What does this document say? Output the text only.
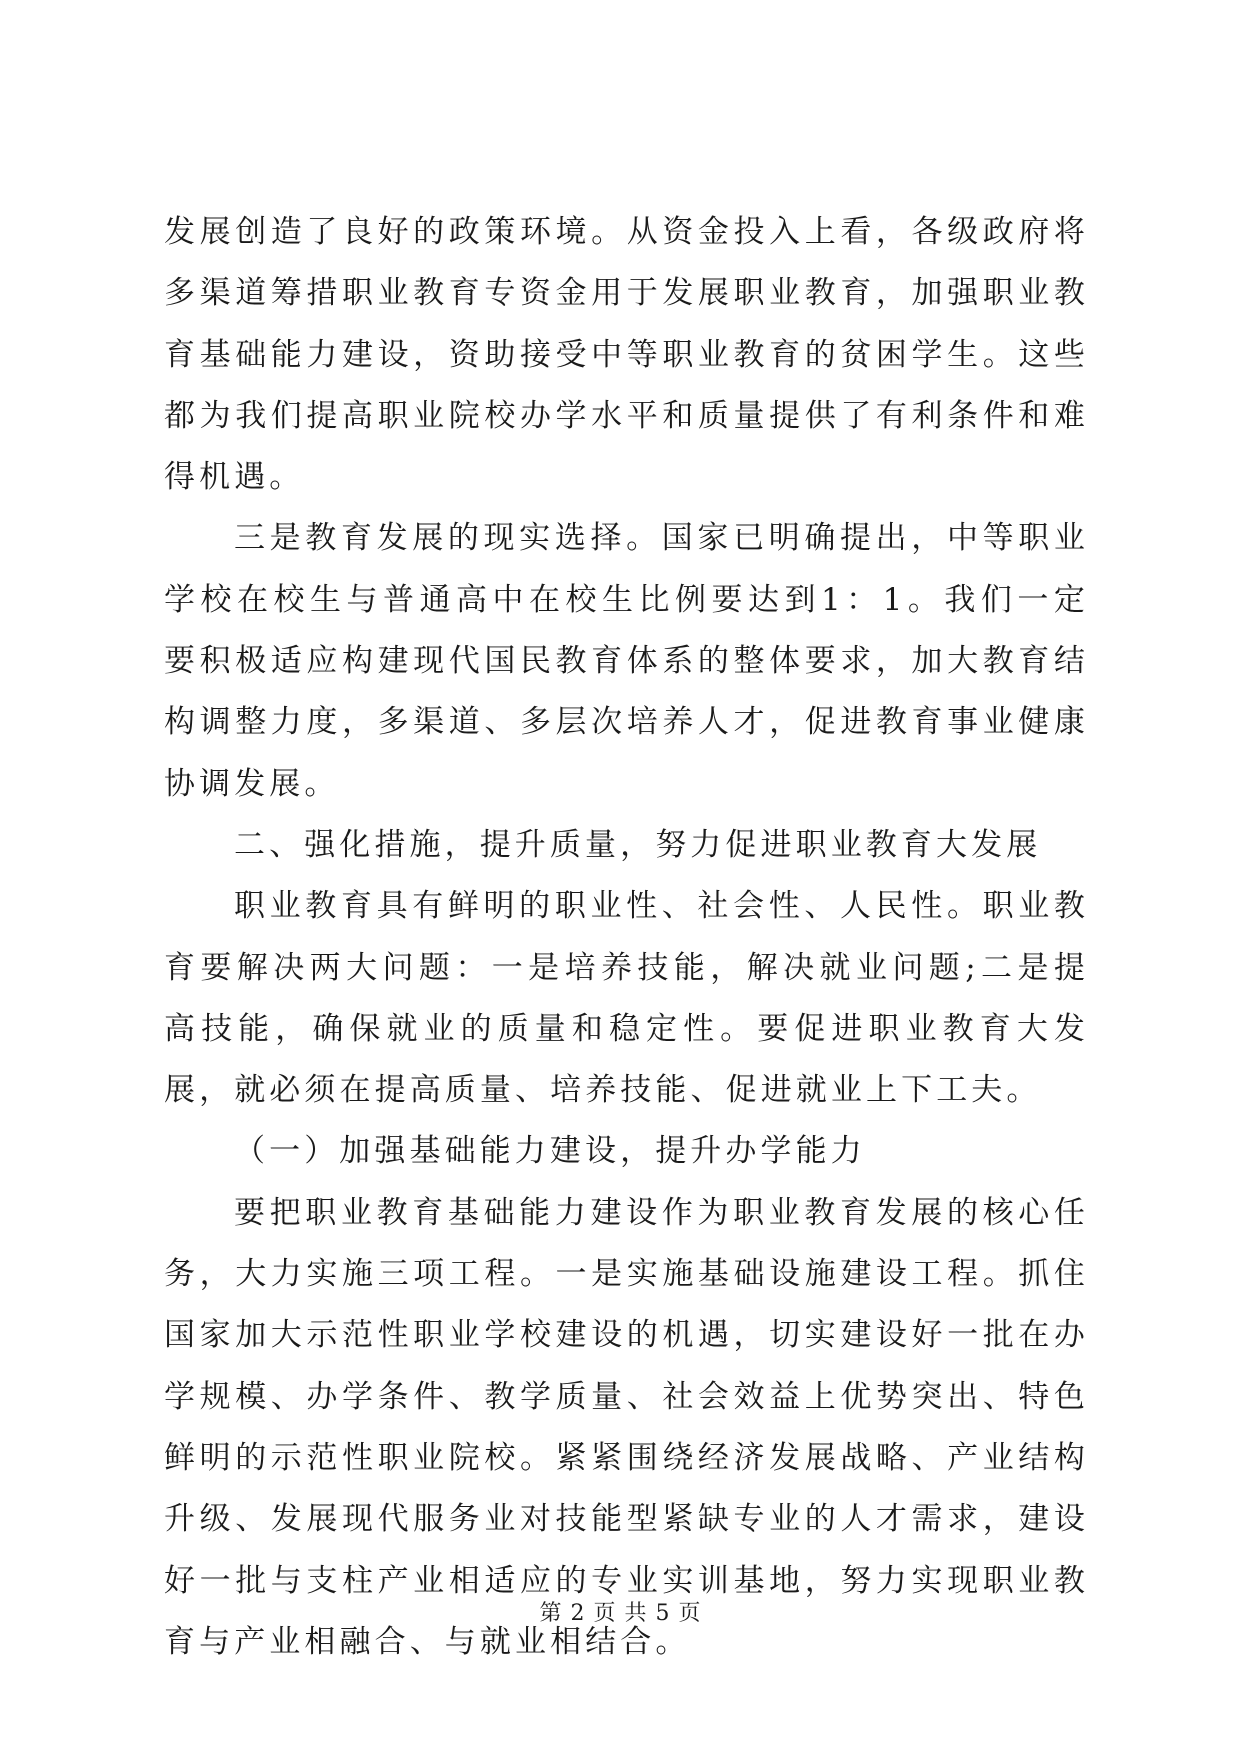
发展创造了良好的政策环境。从资金投入上看，各级政府将多渠道筹措职业教育专资金用于发展职业教育，加强职业教育基础能力建设，资助接受中等职业教育的贫困学生。这些都为我们提高职业院校办学水平和质量提供了有利条件和难得机遇。

三是教育发展的现实选择。国家已明确提出，中等职业学校在校生与普通高中在校生比例要达到1：1。我们一定要积极适应构建现代国民教育体系的整体要求，加大教育结构调整力度，多渠道、多层次培养人才，促进教育事业健康协调发展。

二、强化措施，提升质量，努力促进职业教育大发展

职业教育具有鲜明的职业性、社会性、人民性。职业教育要解决两大问题：一是培养技能，解决就业问题;二是提高技能，确保就业的质量和稳定性。要促进职业教育大发展，就必须在提高质量、培养技能、促进就业上下工夫。

（一）加强基础能力建设，提升办学能力

要把职业教育基础能力建设作为职业教育发展的核心任务，大力实施三项工程。一是实施基础设施建设工程。抓住国家加大示范性职业学校建设的机遇，切实建设好一批在办学规模、办学条件、教学质量、社会效益上优势突出、特色鲜明的示范性职业院校。紧紧围绕经济发展战略、产业结构升级、发展现代服务业对技能型紧缺专业的人才需求，建设好一批与支柱产业相适应的专业实训基地，努力实现职业教育与产业相融合、与就业相结合。

第 2 页 共 5 页
